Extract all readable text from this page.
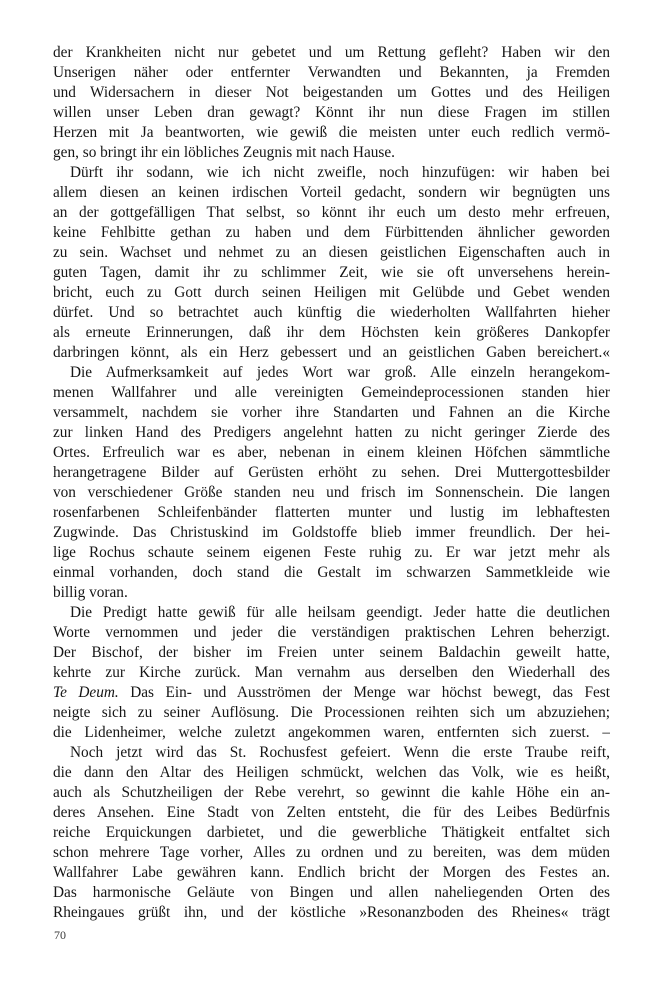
der Krankheiten nicht nur gebetet und um Rettung gefleht? Haben wir den
Unserigen näher oder entfernter Verwandten und Bekannten, ja Fremden
und Widersachern in dieser Not beigestanden um Gottes und des Heiligen
willen unser Leben dran gewagt? Könnt ihr nun diese Fragen im stillen
Herzen mit Ja beantworten, wie gewiß die meisten unter euch redlich vermö-
gen, so bringt ihr ein löbliches Zeugnis mit nach Hause.
Dürft ihr sodann, wie ich nicht zweifle, noch hinzufügen: wir haben bei
allem diesen an keinen irdischen Vorteil gedacht, sondern wir begnügten uns
an der gottgefälligen That selbst, so könnt ihr euch um desto mehr erfreuen,
keine Fehlbitte gethan zu haben und dem Fürbittenden ähnlicher geworden
zu sein. Wachset und nehmet zu an diesen geistlichen Eigenschaften auch in
guten Tagen, damit ihr zu schlimmer Zeit, wie sie oft unversehens herein-
bricht, euch zu Gott durch seinen Heiligen mit Gelübde und Gebet wenden
dürfet. Und so betrachtet auch künftig die wiederholten Wallfahrten hieher
als erneute Erinnerungen, daß ihr dem Höchsten kein größeres Dankopfer
darbringen könnt, als ein Herz gebessert und an geistlichen Gaben bereichert.«
Die Aufmerksamkeit auf jedes Wort war groß. Alle einzeln herangekom-
menen Wallfahrer und alle vereinigten Gemeindeprocessionen standen hier
versammelt, nachdem sie vorher ihre Standarten und Fahnen an die Kirche
zur linken Hand des Predigers angelehnt hatten zu nicht geringer Zierde des
Ortes. Erfreulich war es aber, nebenan in einem kleinen Höfchen sämmtliche
herangetragene Bilder auf Gerüsten erhöht zu sehen. Drei Muttergottesbilder
von verschiedener Größe standen neu und frisch im Sonnenschein. Die langen
rosenfarbenen Schleifenbänder flatterten munter und lustig im lebhaftesten
Zugwinde. Das Christuskind im Goldstoffe blieb immer freundlich. Der hei-
lige Rochus schaute seinem eigenen Feste ruhig zu. Er war jetzt mehr als
einmal vorhanden, doch stand die Gestalt im schwarzen Sammetkleide wie
billig voran.
Die Predigt hatte gewiß für alle heilsam geendigt. Jeder hatte die deutlichen
Worte vernommen und jeder die verständigen praktischen Lehren beherzigt.
Der Bischof, der bisher im Freien unter seinem Baldachin geweilt hatte,
kehrte zur Kirche zurück. Man vernahm aus derselben den Wiederhall des
Te Deum. Das Ein- und Ausströmen der Menge war höchst bewegt, das Fest
neigte sich zu seiner Auflösung. Die Processionen reihten sich um abzuziehen;
die Lidenheimer, welche zuletzt angekommen waren, entfernten sich zuerst. –
Noch jetzt wird das St. Rochusfest gefeiert. Wenn die erste Traube reift,
die dann den Altar des Heiligen schmückt, welchen das Volk, wie es heißt,
auch als Schutzheiligen der Rebe verehrt, so gewinnt die kahle Höhe ein an-
deres Ansehen. Eine Stadt von Zelten entsteht, die für des Leibes Bedürfnis
reiche Erquickungen darbietet, und die gewerbliche Thätigkeit entfaltet sich
schon mehrere Tage vorher, Alles zu ordnen und zu bereiten, was dem müden
Wallfahrer Labe gewähren kann. Endlich bricht der Morgen des Festes an.
Das harmonische Geläute von Bingen und allen naheliegenden Orten des
Rheingaues grüßt ihn, und der köstliche »Resonanzboden des Rheines« trägt
70
